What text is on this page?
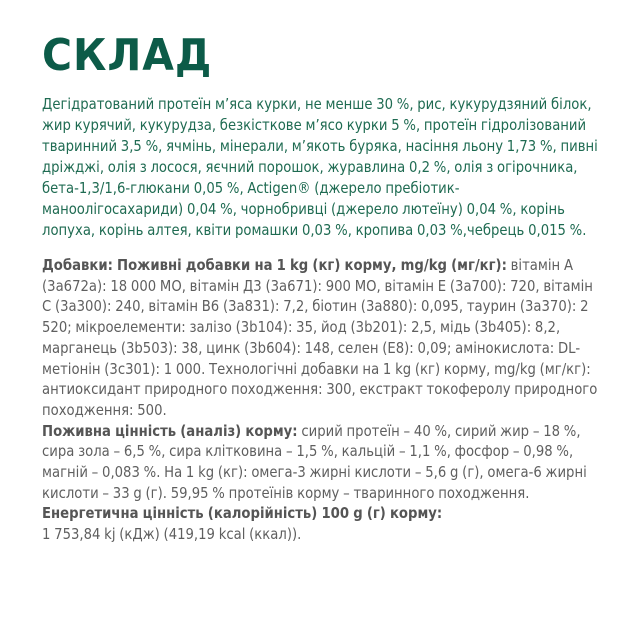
СКЛАД
Дегідратований протеїн м’яса курки, не менше 30 %, рис, кукурудзяний білок, жир курячий, кукурудза, безкісткове м’ясо курки 5 %, протеїн гідролізований тваринний 3,5 %, ячмінь, мінерали, м’якоть буряка, насіння льону 1,73 %, пивні дріжджі, олія з лосося, яєчний порошок, журавлина 0,2 %, олія з огірочника, бета-1,3/1,6-глюкани 0,05 %, Actigen® (джерело пребіотик- маноолігосахариди) 0,04 %, чорнобривці (джерело лютеїну) 0,04 %, корінь лопуха, корінь алтея, квіти ромашки 0,03 %, кропива 0,03 %,чебрець 0,015 %.

Добавки: Поживні добавки на 1 kg (кг) корму, mg/kg (мг/кг): вітамін А (3а672а): 18 000 МО, вітамін Д3 (3а671): 900 МО, вітамін Е (3а700): 720, вітамін С (3а300): 240, вітамін В6 (3а831): 7,2, біотин (3а880): 0,095, таурин (3а370): 2 520; мікроелементи: залізо (3b104): 35, йод (3b201): 2,5, мідь (3b405): 8,2, марганець (3b503): 38, цинк (3b604): 148, селен (Е8): 0,09; амінокислота: DL-метіонін (3c301): 1 000. Технологічні добавки на 1 kg (кг) корму, mg/kg (мг/кг): антиоксидант природного походження: 300, екстракт токоферолу природного походження: 500.

Поживна цінність (аналіз) корму: сирий протеїн – 40 %, сирий жир – 18 %, сира зола – 6,5 %, сира клітковина – 1,5 %, кальцій – 1,1 %, фосфор – 0,98 %, магній – 0,083 %. На 1 kg (кг): омега-3 жирні кислоти – 5,6 g (г), омега-6 жирні кислоти – 33 g (г). 59,95 % протеїнів корму – тваринного походження.

Енергетична цінність (калорійність) 100 g (г) корму:

1 753,84 kj (кДж) (419,19 kcal (ккал)).
